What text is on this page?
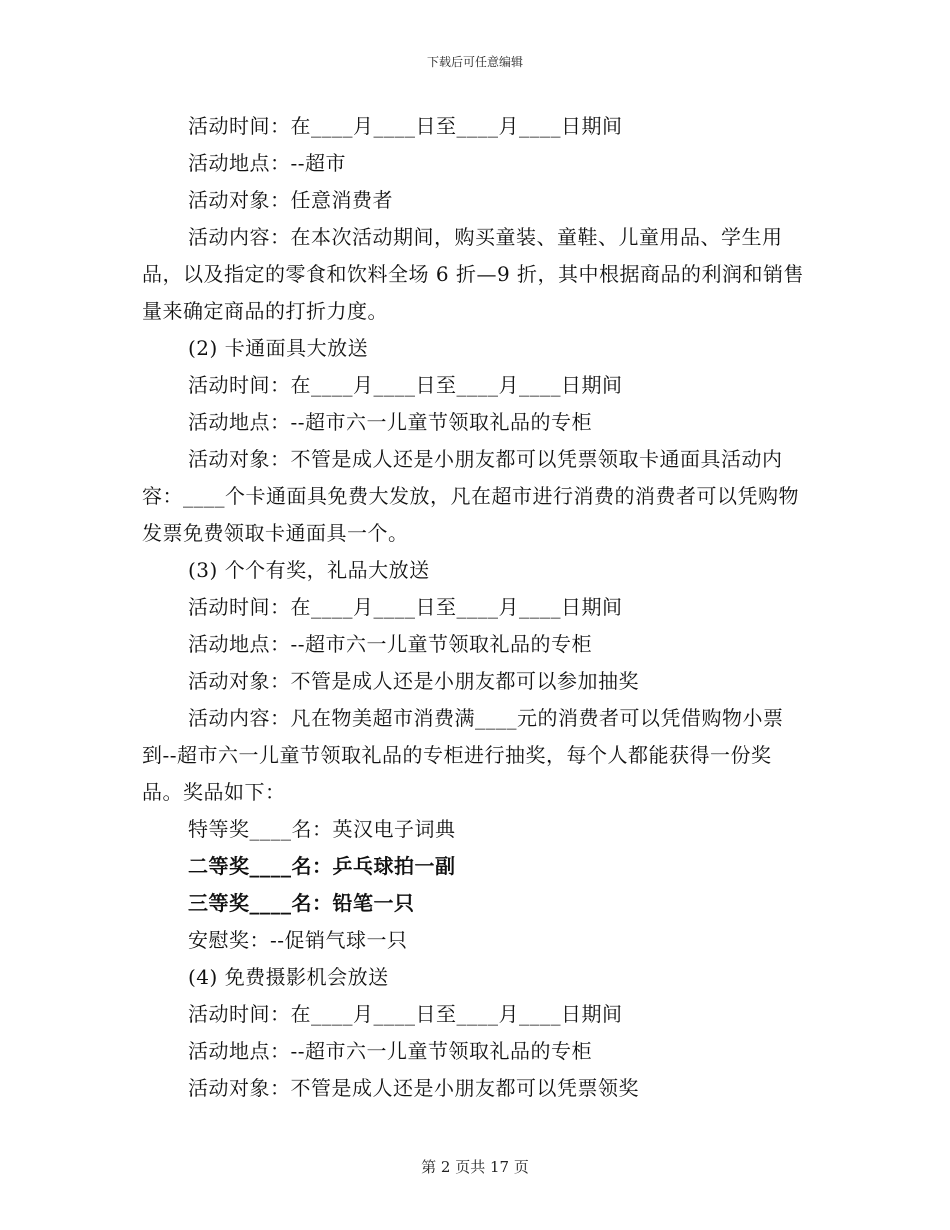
下载后可任意编辑

活动时间：在____月____日至____月____日期间

活动地点：--超市

活动对象：任意消费者

活动内容：在本次活动期间，购买童装、童鞋、儿童用品、学生用品，以及指定的零食和饮料全场 6 折—9 折，其中根据商品的利润和销售量来确定商品的打折力度。

(2) 卡通面具大放送

活动时间：在____月____日至____月____日期间

活动地点：--超市六一儿童节领取礼品的专柜

活动对象：不管是成人还是小朋友都可以凭票领取卡通面具活动内容：____个卡通面具免费大发放，凡在超市进行消费的消费者可以凭购物发票免费领取卡通面具一个。

(3) 个个有奖，礼品大放送

活动时间：在____月____日至____月____日期间

活动地点：--超市六一儿童节领取礼品的专柜

活动对象：不管是成人还是小朋友都可以参加抽奖

活动内容：凡在物美超市消费满____元的消费者可以凭借购物小票到--超市六一儿童节领取礼品的专柜进行抽奖，每个人都能获得一份奖品。奖品如下：

特等奖____名：英汉电子词典

二等奖____名：乒乓球拍一副

三等奖____名：铅笔一只

安慰奖：--促销气球一只

(4) 免费摄影机会放送

活动时间：在____月____日至____月____日期间

活动地点：--超市六一儿童节领取礼品的专柜

活动对象：不管是成人还是小朋友都可以凭票领奖

第 2 页共 17 页
